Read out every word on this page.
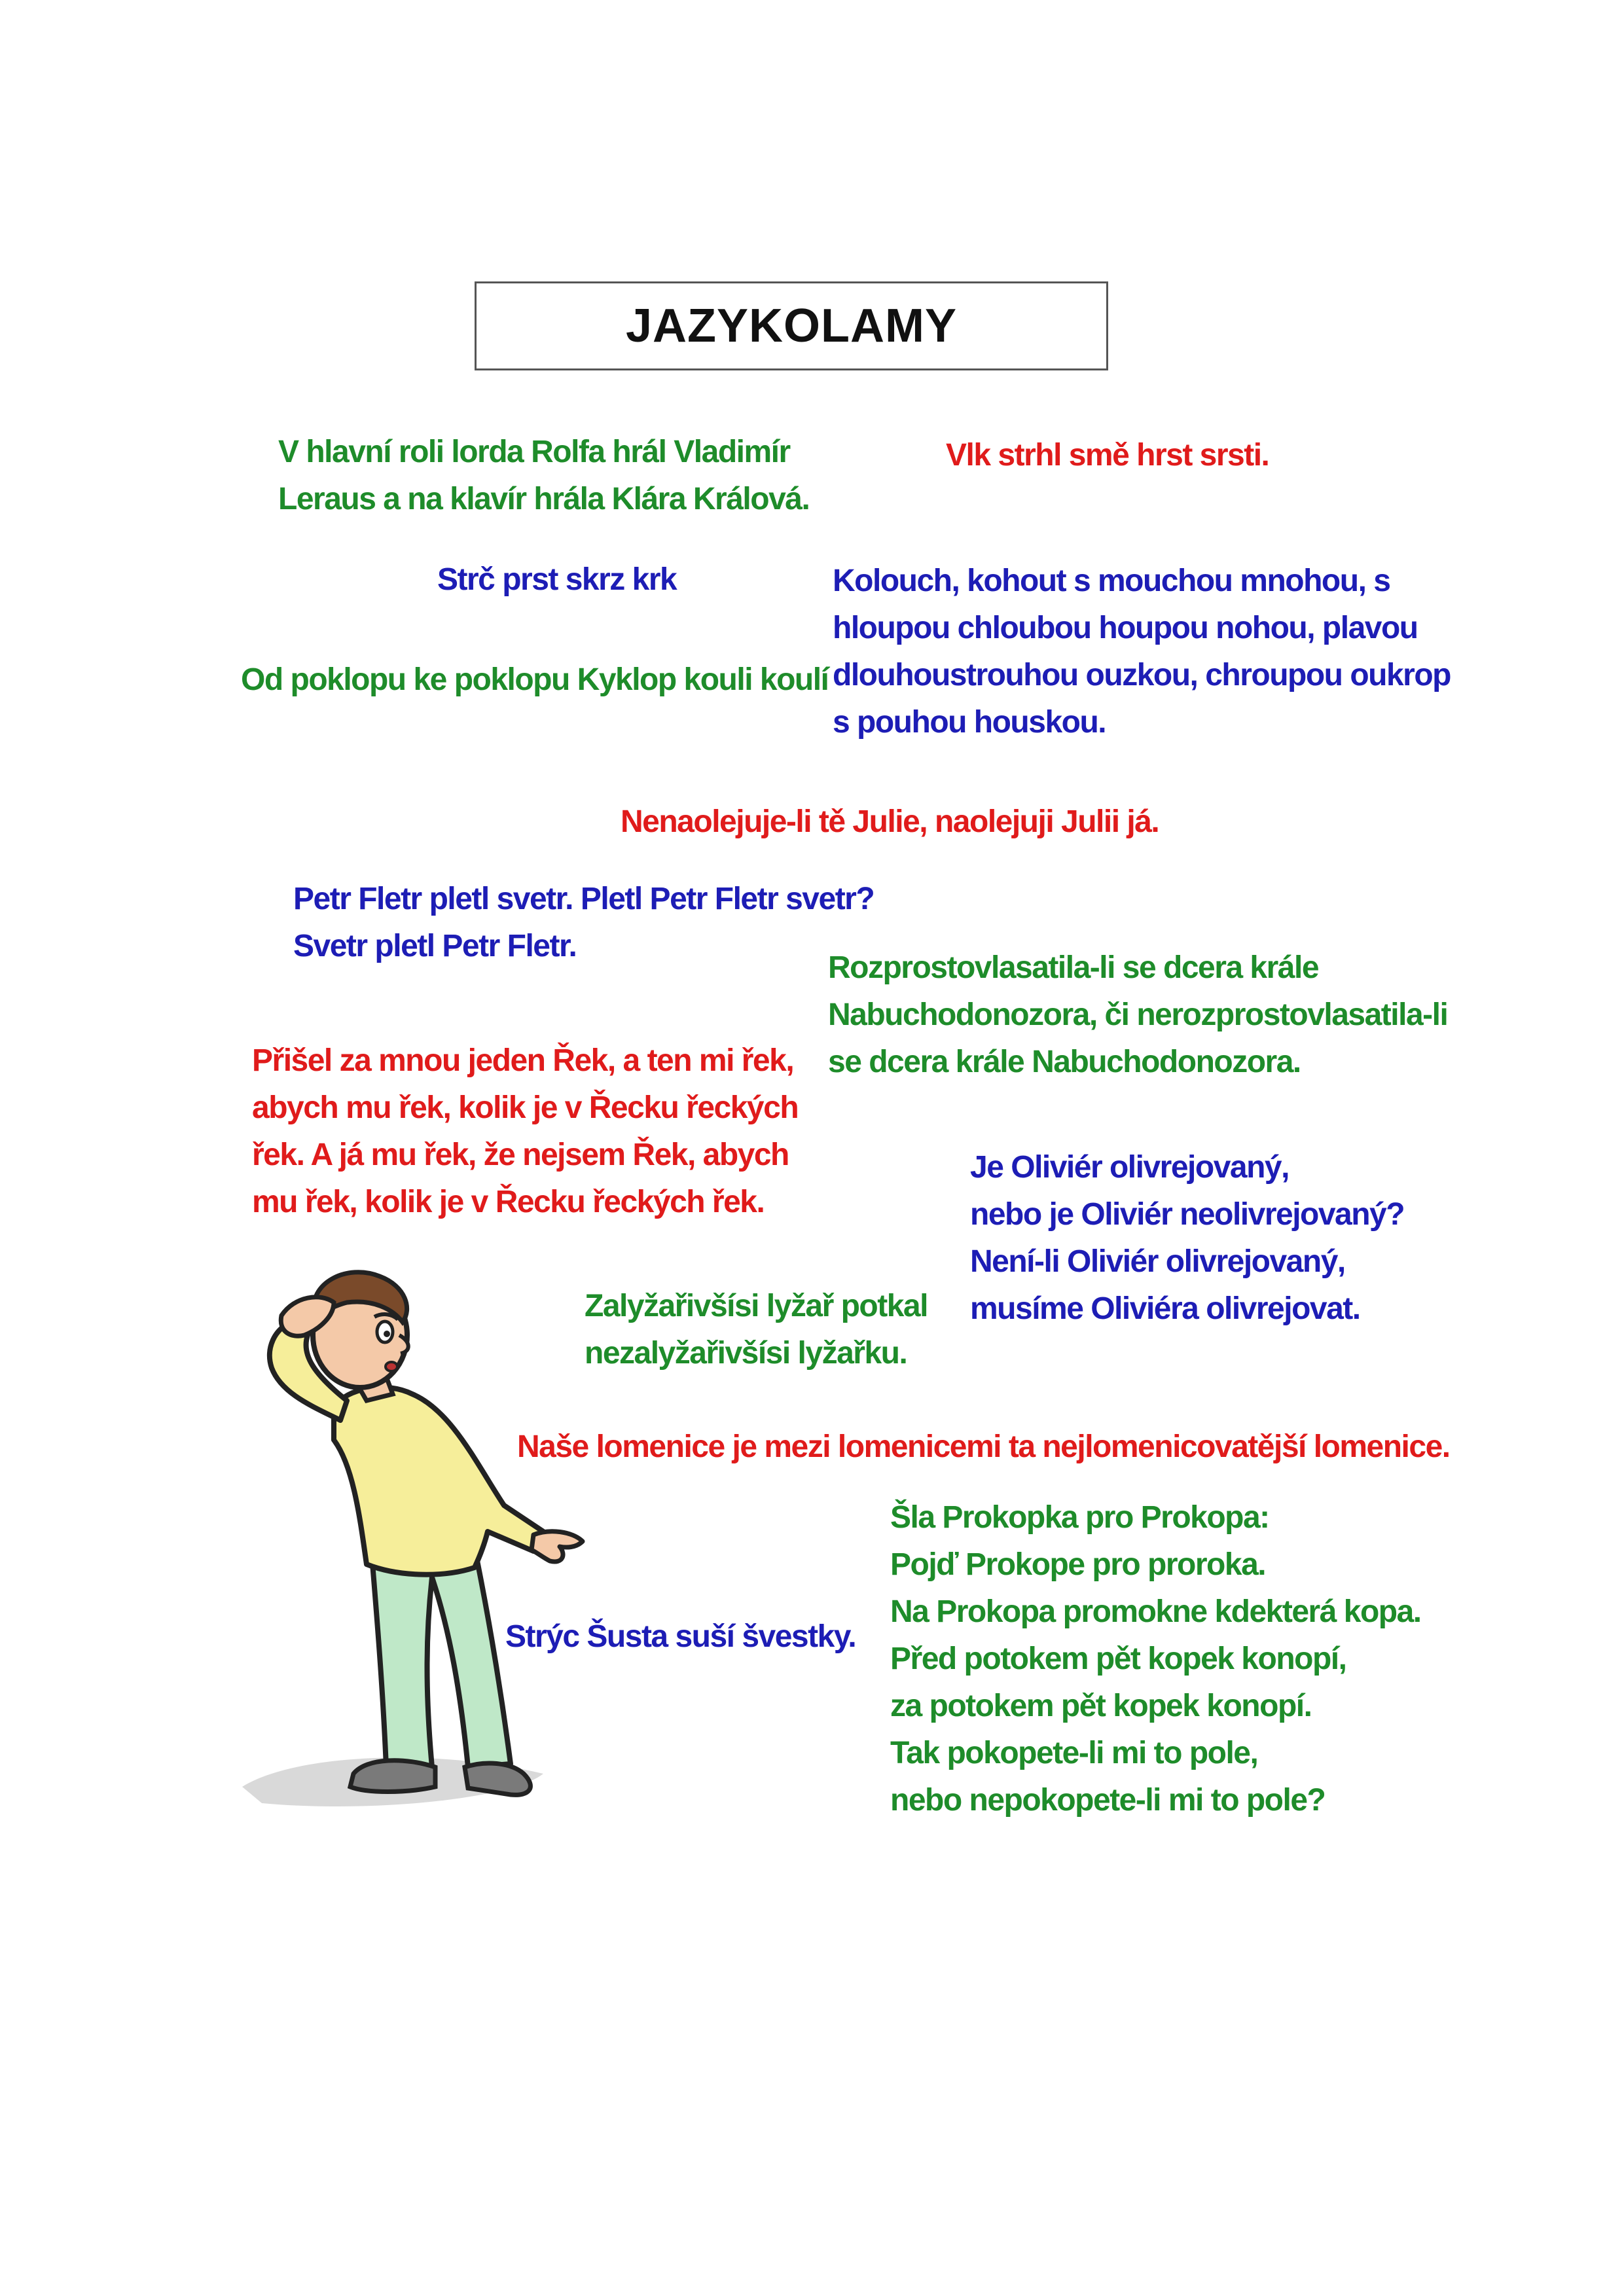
JAZYKOLAMY
V hlavní roli lorda Rolfa hrál Vladimír
Leraus a na klavír hrála Klára Králová.
Vlk strhl smě hrst srsti.
Strč prst skrz krk	Kolouch, kohout s mouchou mnohou, s
hloupou chloubou houpou nohou, plavou
dlouhoustrouhou ouzkou, chroupou oukrop
s pouhou houskou.
Od poklopu ke poklopu Kyklop kouli koulí
Nenaolejuje-li tě Julie, naolejuji Julii já.
Petr Fletr pletl svetr. Pletl Petr Fletr svetr?
Svetr pletl Petr Fletr.
Rozprostovlasatila-li se dcera krále
Nabuchodonozora, či nerozprostovlasatila-li
se dcera krále Nabuchodonozora.
Přišel za mnou jeden Řek, a ten mi řek,
abych mu řek, kolik je v Řecku řeckých
řek. A já mu řek, že nejsem Řek, abych
mu řek, kolik je v Řecku řeckých řek.
Je Oliviér olivrejovaný,
nebo je Oliviér neolivrejovaný?
Není-li Oliviér olivrejovaný,
musíme Oliviéra olivrejovat.
Zalyžařivšísi lyžař potkal
nezalyžařivšísi lyžařku.
Naše lomenice je mezi lomenicemi ta nejlomenicovatější lomenice.
Šla Prokopka pro Prokopa:
Pojď Prokope pro proroka.
Na Prokopa promokne kdekterá kopa.
Před potokem pět kopek konopí,
za potokem pět kopek konopí.
Tak pokopete-li mi to pole,
nebo nepokopete-li mi to pole?
Strýc Šusta suší švestky.
